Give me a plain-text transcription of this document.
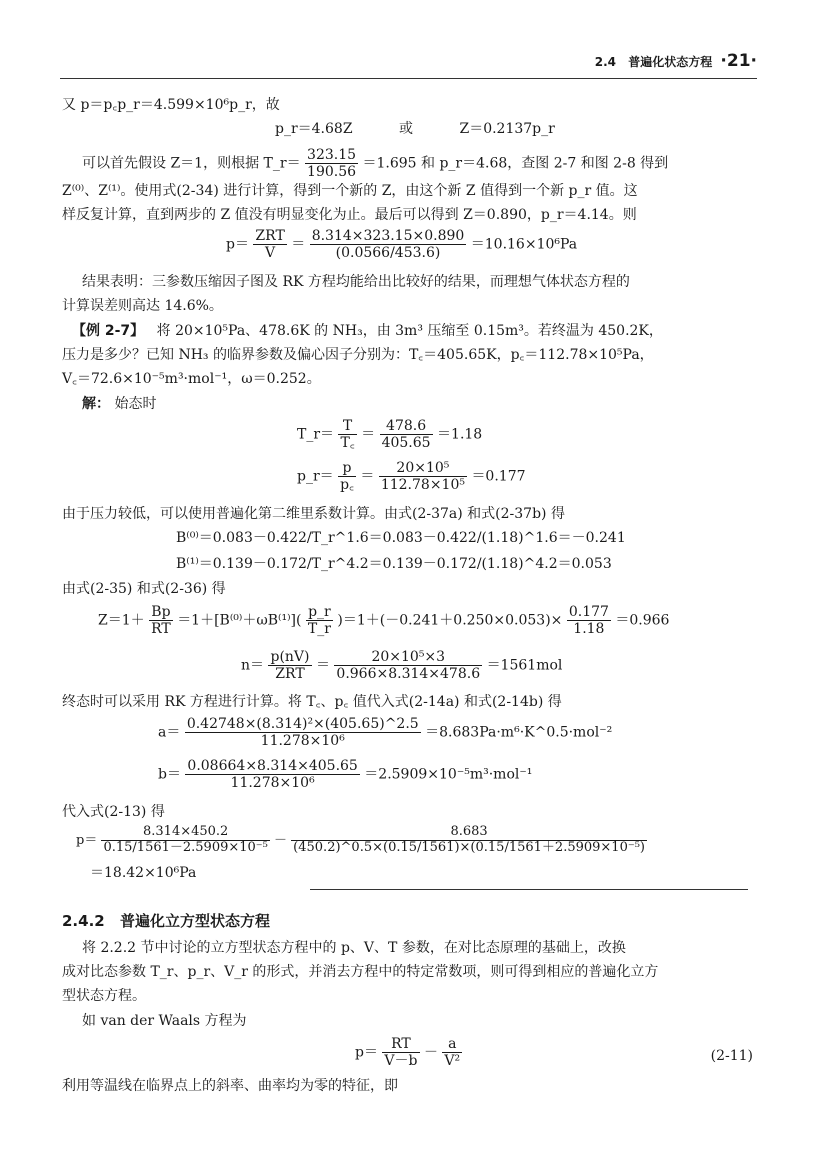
2.4 普遍化状态方程 ·21·
又 p＝p꜀p_r＝4.599×10⁶p_r，故
p_r＝4.68Z	或	Z＝0.2137p_r
可以首先假设 Z＝1，则根据 T_r＝ $\frac{323.15}{190.56} =1.695$ 和 p_r＝4.68，查图 2-7 和图 2-8 得到
Z⁽⁰⁾、Z⁽¹⁾。使用式(2-34) 进行计算，得到一个新的 Z，由这个新 Z 值得到一个新 p_r 值。这
样反复计算，直到两步的 Z 值没有明显变化为止。最后可以得到 Z＝0.890，p_r＝4.14。则
$p= \frac{\text{ZRT}}{V} = \frac{8.314\times 323.15\times 0.890}{(0.0566/453.6)} =10.16\times 10^6Pa$
结果表明：三参数压缩因子图及 RK 方程均能给出比较好的结果，而理想气体状态方程的
计算误差则高达 14.6%。
【例 2-7】 将 20×10⁵Pa、478.6K 的 NH₃，由 3m³ 压缩至 0.15m³。若终温为 450.2K，
压力是多少？已知 NH₃ 的临界参数及偏心因子分别为：T꜀＝405.65K，p꜀＝112.78×10⁵Pa，
V꜀＝72.6×10⁻⁵m³·mol⁻¹，ω＝0.252。
解： 始态时
T_r＝ $\frac{T}{T꜀} = \frac{478.6}{405.65} =1.18$
p_r＝ $\frac{p}{p꜀} = \frac{\text{20×10⁵}}{\text{112.78×10⁵}} =0.177$
由于压力较低，可以使用普遍化第二维里系数计算。由式(2-37a) 和式(2-37b) 得
B⁽⁰⁾＝0.083－0.422/T_r^1.6＝0.083－0.422/(1.18)^1.6＝－0.241
B⁽¹⁾＝0.139－0.172/T_r^4.2＝0.139－0.172/(1.18)^4.2＝0.053
由式(2-35) 和式(2-36) 得
$Z=1+ \frac{Bp}{RT} =1+[B^{(0)}+\omega B^{(1)}]( \frac{p\_r}{T\_r} )=1+(-0.241+0.250\times 0.053)\times \frac{0.177}{1.18} =0.966$
$n= \frac{p(nV)}{\text{ZRT}} = \frac{\text{20×10⁵×3}}{0.966\times 8.314\times 478.6} =1561mol$
终态时可以采用 RK 方程进行计算。将 T꜀、p꜀ 值代入式(2-14a) 和式(2-14b) 得
$a= \frac{\text{0.42748×(8.314)²×(405.65)\textasciicircum{}2.5}}{\text{11.278×10⁶}}$ ＝8.683Pa·m⁶·K^0.5·mol⁻²
$b= \frac{0.08664\times 8.314\times 405.65}{\text{11.278×10⁶}} =2.5909\times 10^{-5}m^3\cdot mol^{-1}$
代入式(2-13) 得
$p= \frac{8.314\times 450.2}{\text{0.15/1561－2.5909×10⁻⁵}} - \frac{8.683}{\text{(450.2)\textasciicircum{}0.5×(0.15/1561)×(0.15/1561＋2.5909×10⁻⁵)}}$
＝18.42×10⁶Pa
2.4.2 普遍化立方型状态方程
将 2.2.2 节中讨论的立方型状态方程中的 p、V、T 参数，在对比态原理的基础上，改换
成对比态参数 T_r、p_r、V_r 的形式，并消去方程中的特定常数项，则可得到相应的普遍化立方
型状态方程。
如 van der Waals 方程为
$p= \frac{RT}{V-b} - \frac{a}{\text{V²}}$	(2-11)
利用等温线在临界点上的斜率、曲率均为零的特征，即
